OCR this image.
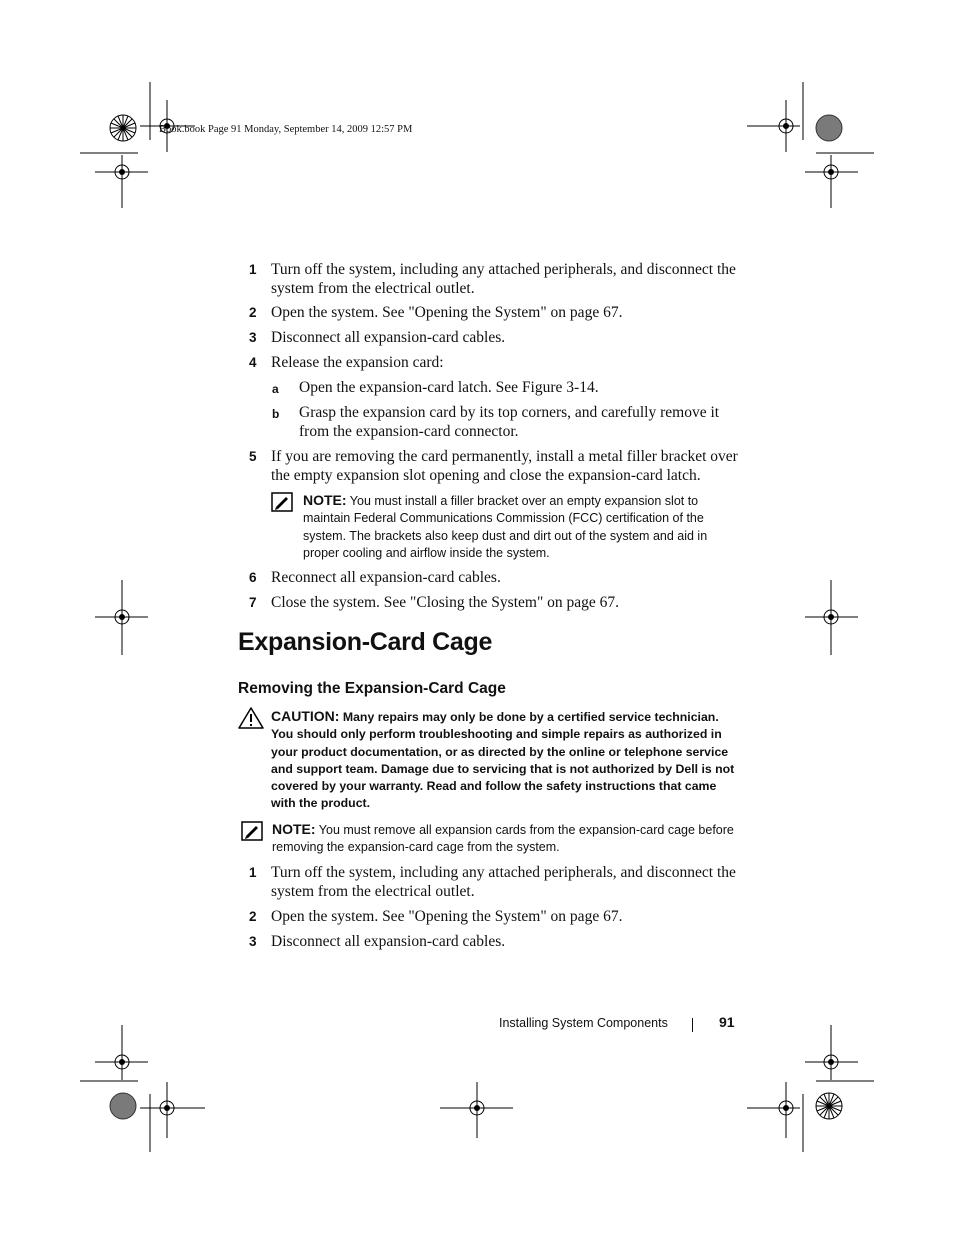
Book.book Page 91 Monday, September 14, 2009 12:57 PM
1 Turn off the system, including any attached peripherals, and disconnect the system from the electrical outlet.
2 Open the system. See "Opening the System" on page 67.
3 Disconnect all expansion-card cables.
4 Release the expansion card:
a Open the expansion-card latch. See Figure 3-14.
b Grasp the expansion card by its top corners, and carefully remove it from the expansion-card connector.
5 If you are removing the card permanently, install a metal filler bracket over the empty expansion slot opening and close the expansion-card latch.
NOTE: You must install a filler bracket over an empty expansion slot to maintain Federal Communications Commission (FCC) certification of the system. The brackets also keep dust and dirt out of the system and aid in proper cooling and airflow inside the system.
6 Reconnect all expansion-card cables.
7 Close the system. See "Closing the System" on page 67.
Expansion-Card Cage
Removing the Expansion-Card Cage
CAUTION: Many repairs may only be done by a certified service technician. You should only perform troubleshooting and simple repairs as authorized in your product documentation, or as directed by the online or telephone service and support team. Damage due to servicing that is not authorized by Dell is not covered by your warranty. Read and follow the safety instructions that came with the product.
NOTE: You must remove all expansion cards from the expansion-card cage before removing the expansion-card cage from the system.
1 Turn off the system, including any attached peripherals, and disconnect the system from the electrical outlet.
2 Open the system. See "Opening the System" on page 67.
3 Disconnect all expansion-card cables.
Installing System Components	91
